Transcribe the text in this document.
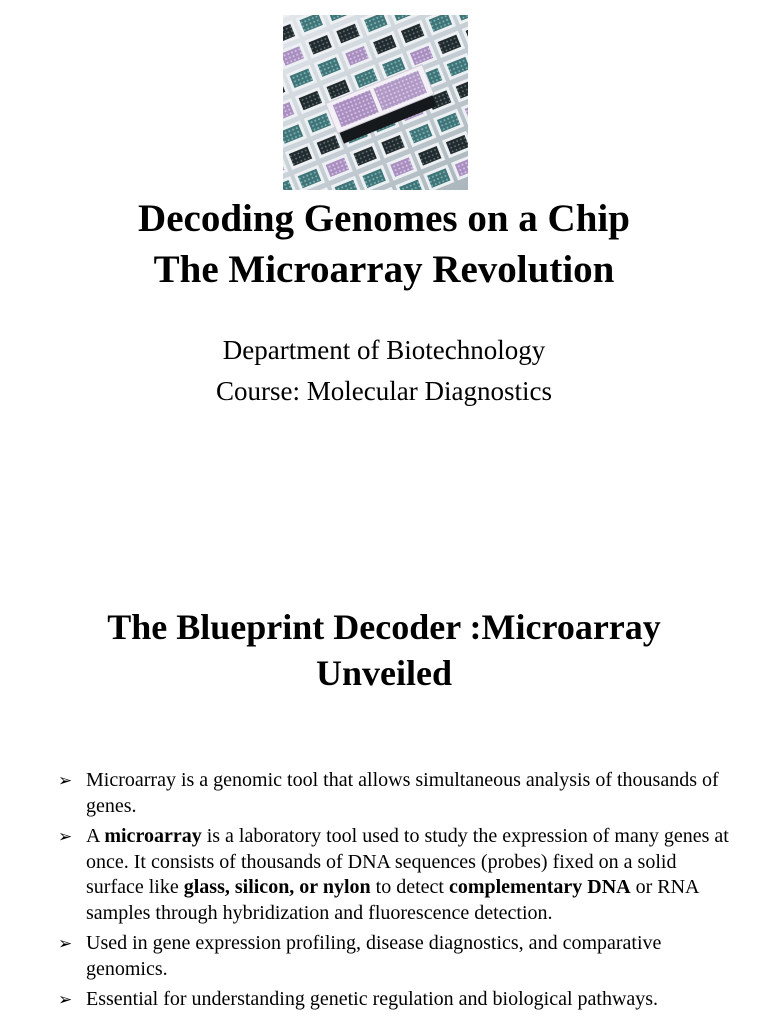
Decoding Genomes on a Chip
The Microarray Revolution
Department of Biotechnology
Course: Molecular Diagnostics
The Blueprint Decoder :Microarray
Unveiled
➢ Microarray is a genomic tool that allows simultaneous analysis of thousands of genes.
➢ A microarray is a laboratory tool used to study the expression of many genes at once. It consists of thousands of DNA sequences (probes) fixed on a solid surface like glass, silicon, or nylon to detect complementary DNA or RNA samples through hybridization and fluorescence detection.
➢ Used in gene expression profiling, disease diagnostics, and comparative genomics.
➢ Essential for understanding genetic regulation and biological pathways.
